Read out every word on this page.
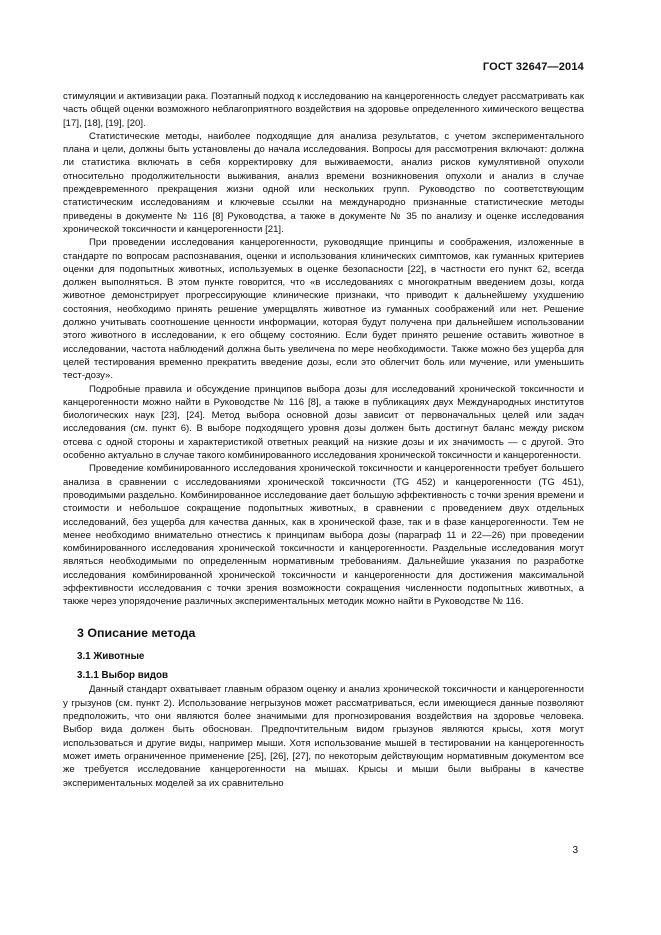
ГОСТ 32647—2014

стимуляции и активизации рака. Поэтапный подход к исследованию на канцерогенность следует рассматривать как часть общей оценки возможного неблагоприятного воздействия на здоровье определенного химического вещества [17], [18], [19], [20].

Статистические методы, наиболее подходящие для анализа результатов, с учетом экспериментального плана и цели, должны быть установлены до начала исследования. Вопросы для рассмотрения включают: должна ли статистика включать в себя корректировку для выживаемости, анализ рисков кумулятивной опухоли относительно продолжительности выживания, анализ времени возникновения опухоли и анализ в случае преждевременного прекращения жизни одной или нескольких групп. Руководство по соответствующим статистическим исследованиям и ключевые ссылки на международно признанные статистические методы приведены в документе № 116 [8] Руководства, а также в документе № 35 по анализу и оценке исследования хронической токсичности и канцерогенности [21].

При проведении исследования канцерогенности, руководящие принципы и соображения, изложенные в стандарте по вопросам распознавания, оценки и использования клинических симптомов, как гуманных критериев оценки для подопытных животных, используемых в оценке безопасности [22], в частности его пункт 62, всегда должен выполняться. В этом пункте говорится, что «в исследованиях с многократным введением дозы, когда животное демонстрирует прогрессирующие клинические признаки, что приводит к дальнейшему ухудшению состояния, необходимо принять решение умерщвлять животное из гуманных соображений или нет. Решение должно учитывать соотношение ценности информации, которая будут получена при дальнейшем использовании этого животного в исследовании, к его общему состоянию. Если будет принято решение оставить животное в исследовании, частота наблюдений должна быть увеличена по мере необходимости. Также можно без ущерба для целей тестирования временно прекратить введение дозы, если это облегчит боль или мучение, или уменьшить тест-дозу».

Подробные правила и обсуждение принципов выбора дозы для исследований хронической токсичности и канцерогенности можно найти в Руководстве № 116 [8], а также в публикациях двух Международных институтов биологических наук [23], [24]. Метод выбора основной дозы зависит от первоначальных целей или задач исследования (см. пункт 6). В выборе подходящего уровня дозы должен быть достигнут баланс между риском отсева с одной стороны и характеристикой ответных реакций на низкие дозы и их значимость — с другой. Это особенно актуально в случае такого комбинированного исследования хронической токсичности и канцерогенности.

Проведение комбинированного исследования хронической токсичности и канцерогенности требует большего анализа в сравнении с исследованиями хронической токсичности (TG 452) и канцерогенности (TG 451), проводимыми раздельно. Комбинированное исследование дает большую эффективность с точки зрения времени и стоимости и небольшое сокращение подопытных животных, в сравнении с проведением двух отдельных исследований, без ущерба для качества данных, как в хронической фазе, так и в фазе канцерогенности. Тем не менее необходимо внимательно отнестись к принципам выбора дозы (параграф 11 и 22—26) при проведении комбинированного исследования хронической токсичности и канцерогенности. Раздельные исследования могут являться необходимыми по определенным нормативным требованиям. Дальнейшие указания по разработке исследования комбинированной хронической токсичности и канцерогенности для достижения максимальной эффективности исследования с точки зрения возможности сокращения численности подопытных животных, а также через упорядочение различных экспериментальных методик можно найти в Руководстве № 116.

3 Описание метода

3.1 Животные

3.1.1 Выбор видов

Данный стандарт охватывает главным образом оценку и анализ хронической токсичности и канцерогенности у грызунов (см. пункт 2). Использование негрызунов может рассматриваться, если имеющиеся данные позволяют предположить, что они являются более значимыми для прогнозирования воздействия на здоровье человека. Выбор вида должен быть обоснован. Предпочтительным видом грызунов являются крысы, хотя могут использоваться и другие виды, например мыши. Хотя использование мышей в тестировании на канцерогенность может иметь ограниченное применение [25], [26], [27], по некоторым действующим нормативным документом все же требуется исследование канцерогенности на мышах. Крысы и мыши были выбраны в качестве экспериментальных моделей за их сравнительно

3
